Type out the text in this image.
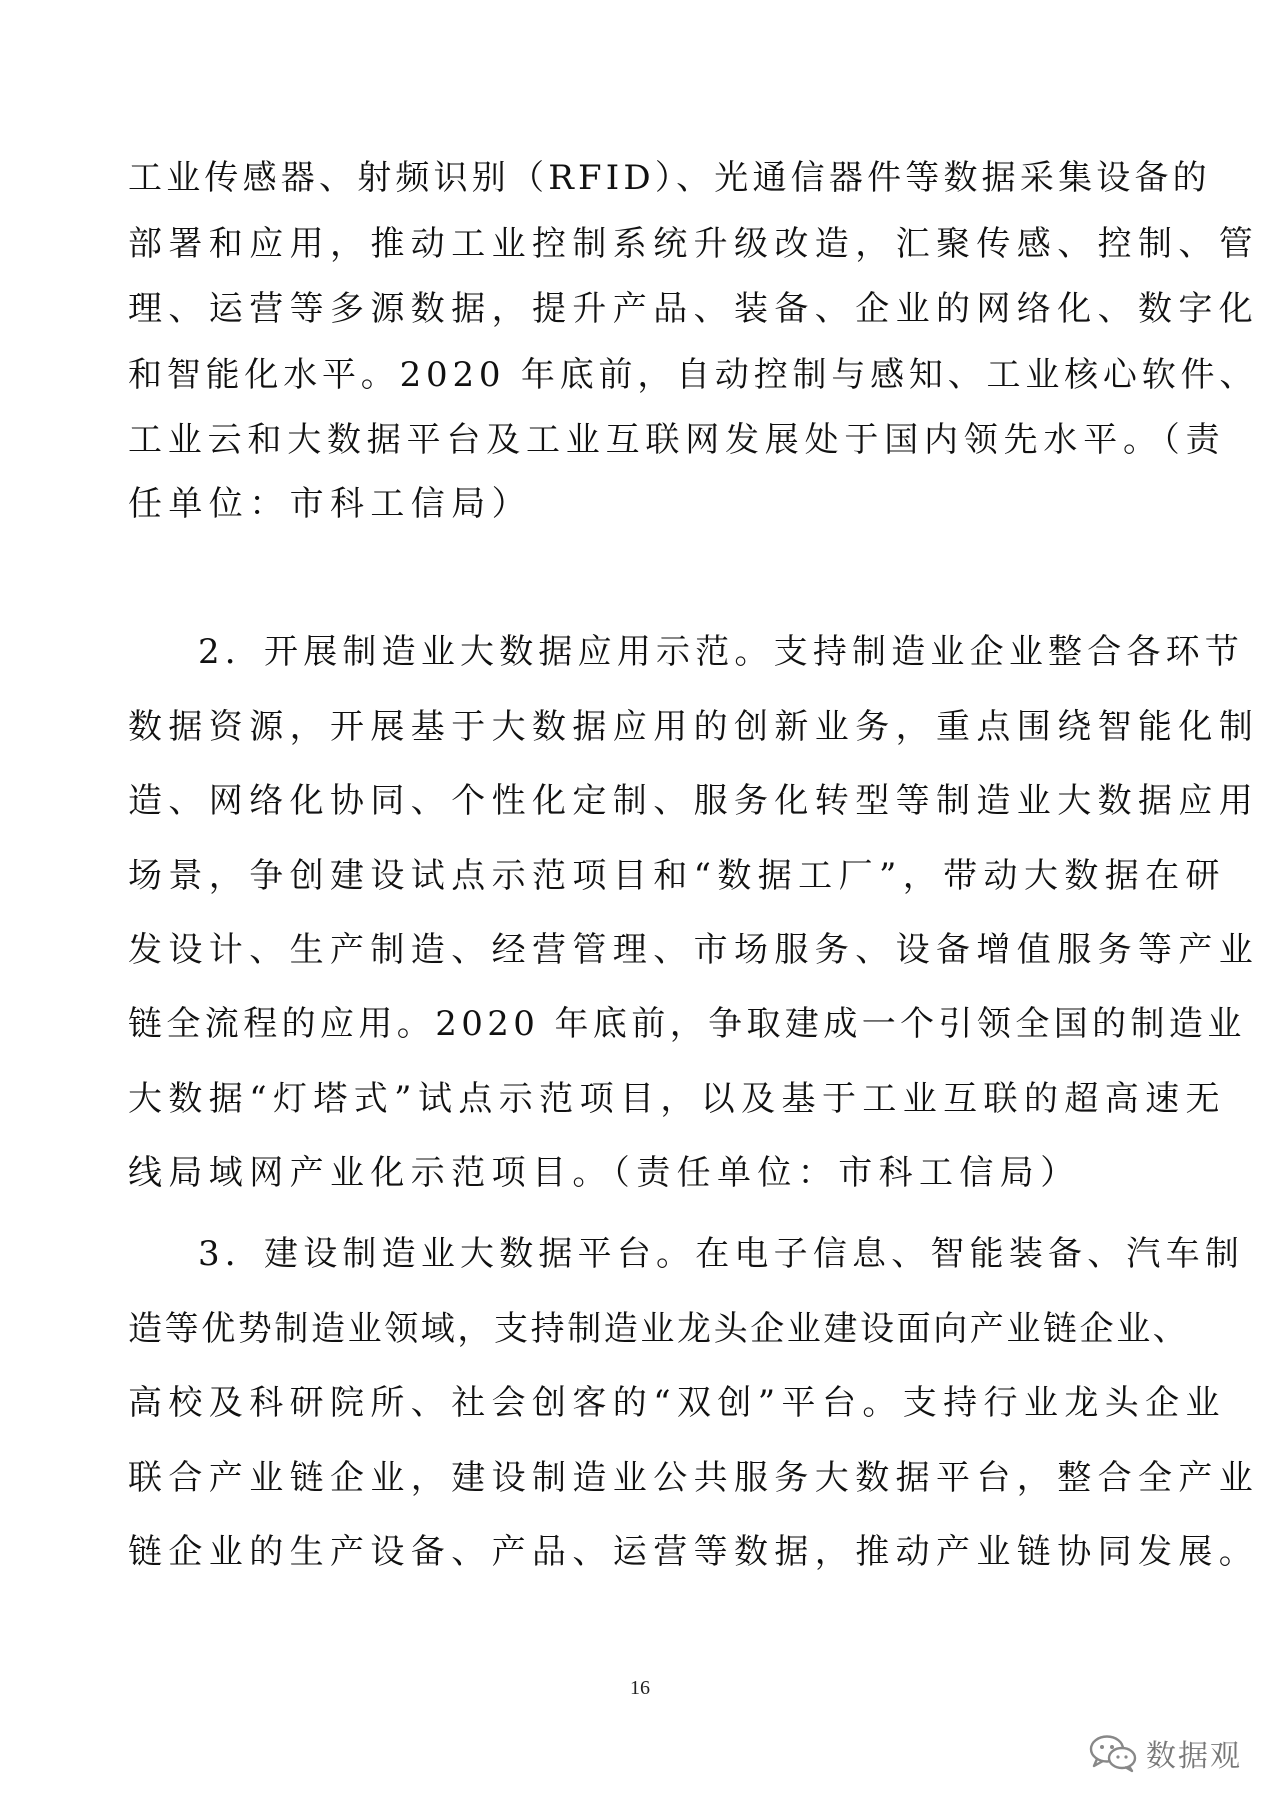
工业传感器、射频识别（RFID）、光通信器件等数据采集设备的
部署和应用，推动工业控制系统升级改造，汇聚传感、控制、管
理、运营等多源数据，提升产品、装备、企业的网络化、数字化
和智能化水平。2020 年底前，自动控制与感知、工业核心软件、
工业云和大数据平台及工业互联网发展处于国内领先水平。（责
任单位：市科工信局）
2．开展制造业大数据应用示范。支持制造业企业整合各环节
数据资源，开展基于大数据应用的创新业务，重点围绕智能化制
造、网络化协同、个性化定制、服务化转型等制造业大数据应用
场景，争创建设试点示范项目和“数据工厂”，带动大数据在研
发设计、生产制造、经营管理、市场服务、设备增值服务等产业
链全流程的应用。2020 年底前，争取建成一个引领全国的制造业
大数据“灯塔式”试点示范项目，以及基于工业互联的超高速无
线局域网产业化示范项目。（责任单位：市科工信局）
3．建设制造业大数据平台。在电子信息、智能装备、汽车制
造等优势制造业领域，支持制造业龙头企业建设面向产业链企业、
高校及科研院所、社会创客的“双创”平台。支持行业龙头企业
联合产业链企业，建设制造业公共服务大数据平台，整合全产业
链企业的生产设备、产品、运营等数据，推动产业链协同发展。
16
数据观
